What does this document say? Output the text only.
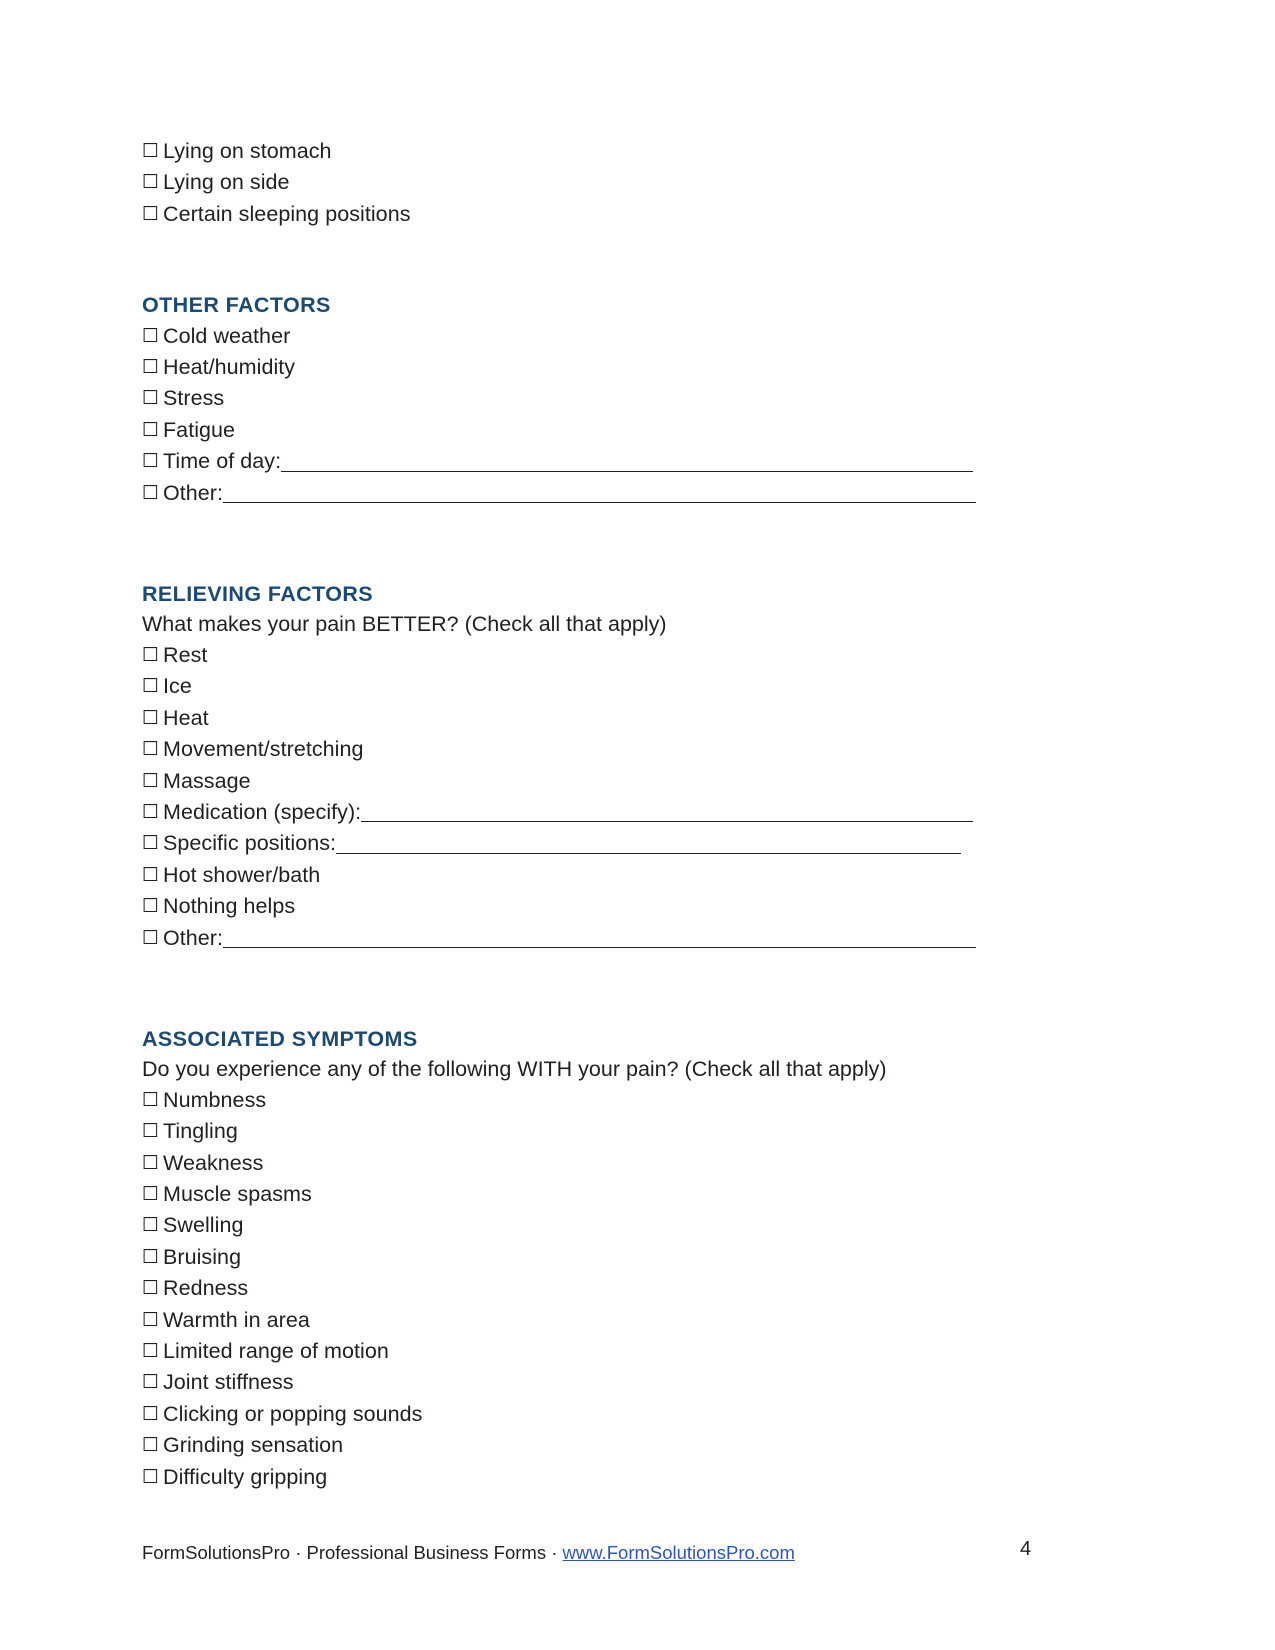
☐ Lying on stomach
☐ Lying on side
☐ Certain sleeping positions
OTHER FACTORS
☐ Cold weather
☐ Heat/humidity
☐ Stress
☐ Fatigue
☐ Time of day:
☐ Other:
RELIEVING FACTORS
What makes your pain BETTER? (Check all that apply)
☐ Rest
☐ Ice
☐ Heat
☐ Movement/stretching
☐ Massage
☐ Medication (specify):
☐ Specific positions:
☐ Hot shower/bath
☐ Nothing helps
☐ Other:
ASSOCIATED SYMPTOMS
Do you experience any of the following WITH your pain? (Check all that apply)
☐ Numbness
☐ Tingling
☐ Weakness
☐ Muscle spasms
☐ Swelling
☐ Bruising
☐ Redness
☐ Warmth in area
☐ Limited range of motion
☐ Joint stiffness
☐ Clicking or popping sounds
☐ Grinding sensation
☐ Difficulty gripping
FormSolutionsPro · Professional Business Forms · www.FormSolutionsPro.com	4
